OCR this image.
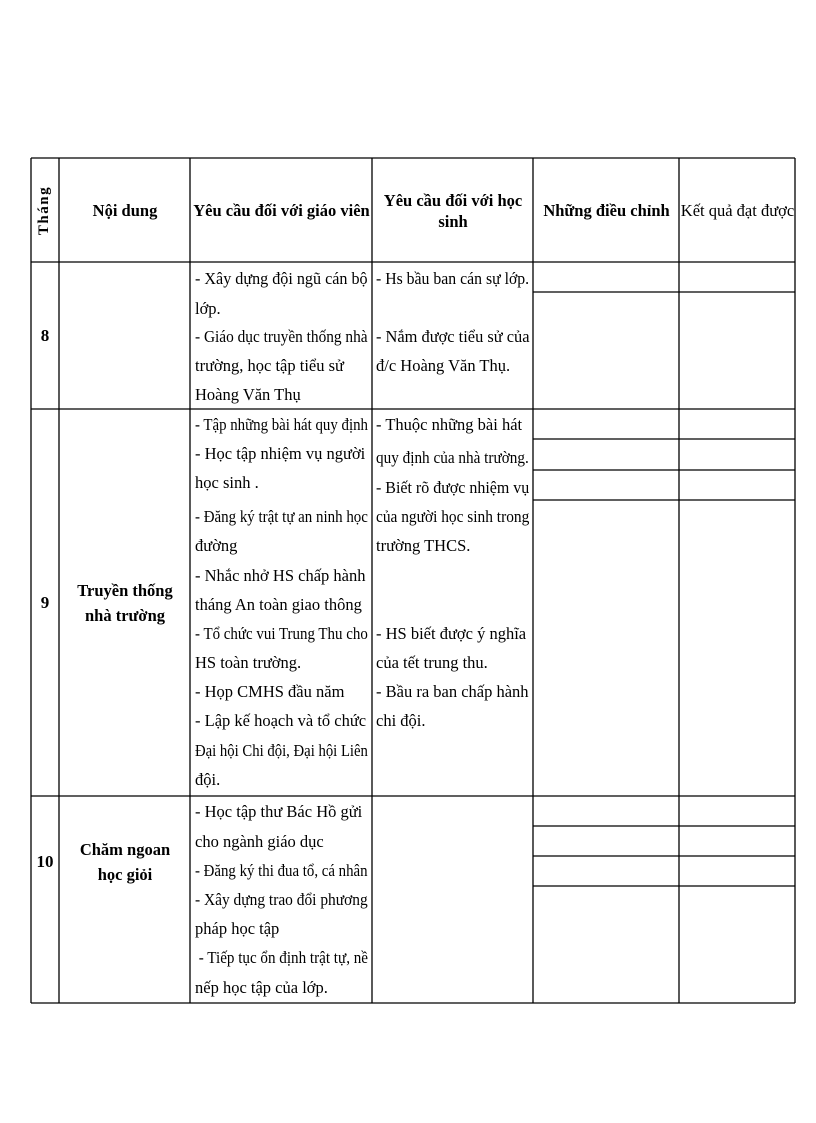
Tháng	Nội dung	Yêu cầu đối với giáo viên
Yêu cầu đối với học sinh
Những điều chỉnh Kết quả đạt được
8
9
10
Truyền thống
nhà trường
Chăm ngoan
học giỏi
- Xây dựng đội ngũ cán bộ
lớp.
- Giáo dục truyền thống nhà
trường, học tập tiểu sử
Hoàng Văn Thụ
- Hs bầu ban cán sự lớp.
- Nắm được tiểu sử của
đ/c Hoàng Văn Thụ.
- Tập những bài hát quy định
- Học tập nhiệm vụ người
học sinh .
- Đăng ký trật tự an ninh học
đường
- Nhắc nhở HS chấp hành
tháng An toàn giao thông
- Tổ chức vui Trung Thu cho
HS toàn trường.
- Họp CMHS đầu năm
- Lập kế hoạch và tổ chức
Đại hội Chi đội, Đại hội Liên
đội.
- Thuộc những bài hát
quy định của nhà trường.
- Biết rõ được nhiệm vụ
của người học sinh trong
trường THCS.
- HS biết được ý nghĩa
của tết trung thu.
- Bầu ra ban chấp hành
chi đội.
- Học tập thư Bác Hồ gửi
cho ngành giáo dục
- Đăng ký thi đua tổ, cá nhân
- Xây dựng trao đổi phương
pháp học tập
- Tiếp tục ổn định trật tự, nề
nếp học tập của lớp.
